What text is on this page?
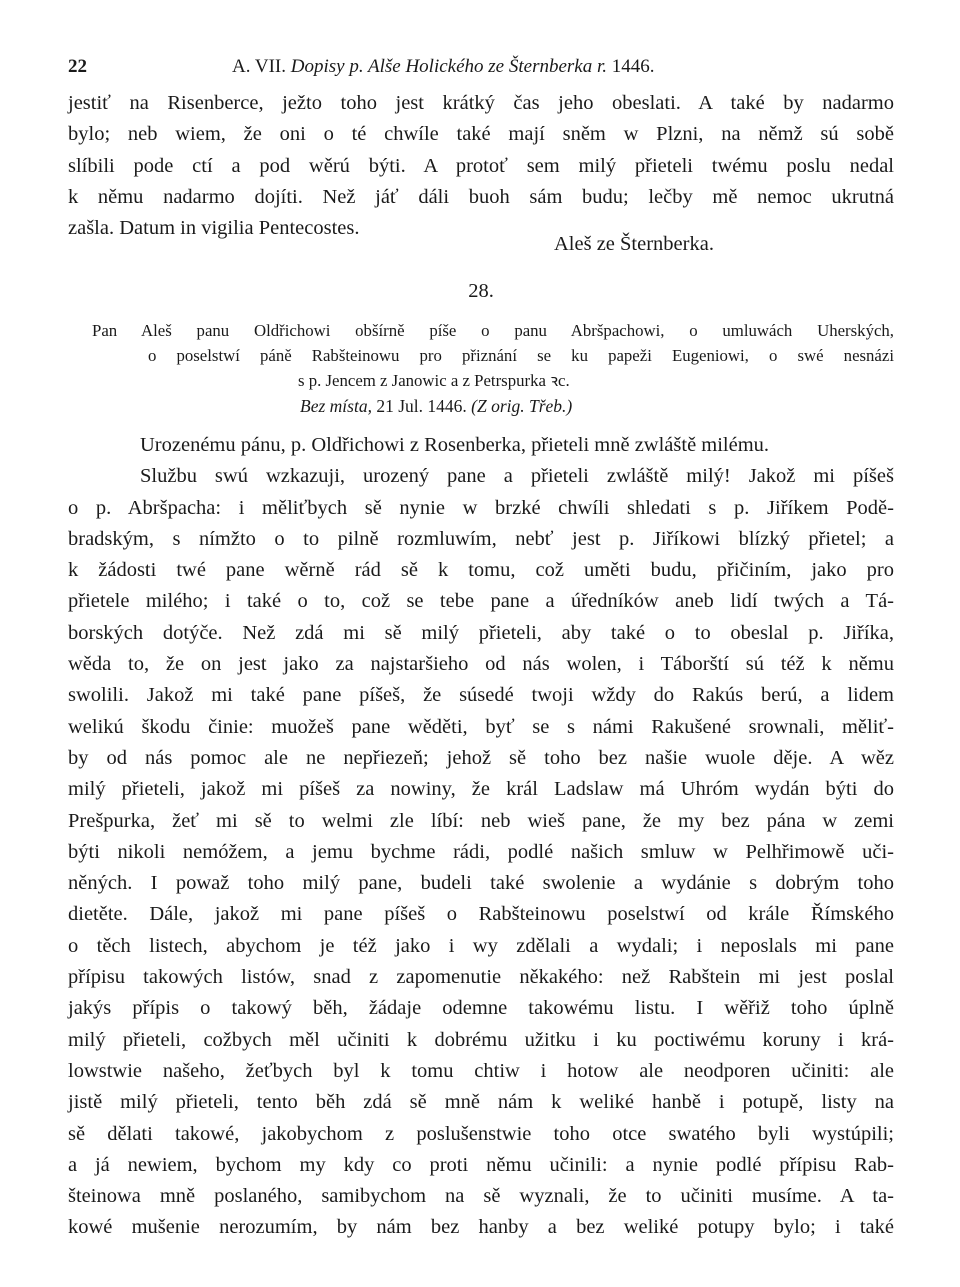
22	A. VII. Dopisy p. Alše Holického ze Šternberka r. 1446.
jestiť na Risenberce, ježto toho jest krátký čas jeho obeslati. A také by nadarmo
bylo; neb wiem, že oni o té chwíle také mají sněm w Plzni, na němž sú sobě
slíbili pode ctí a pod wěrú býti. A protoť sem milý přieteli twému poslu nedal
k němu nadarmo dojíti. Než jáť dáli buoh sám budu; lečby mě nemoc ukrutná
zašla. Datum in vigilia Pentecostes.
Aleš ze Šternberka.
28.
Pan Aleš panu Oldřichowi obšírně píše o panu Abršpachowi, o umluwách Uherských,
o poselstwí páně Rabšteinowu pro přiznání se ku papeži Eugeniowi, o swé nesnázi
s p. Jencem z Janowic a z Petrspurka ꝛc.
Bez místa, 21 Jul. 1446. (Z orig. Třeb.)
Urozenému pánu, p. Oldřichowi z Rosenberka, přieteli mně zwláště milému.
Službu swú wzkazuji, urozený pane a přieteli zwláště milý! Jakož mi píšeš
o p. Abršpacha: i měliťbych sě nynie w brzké chwíli shledati s p. Jiříkem Podě-
bradským, s nímžto o to pilně rozmluwím, nebť jest p. Jiříkowi blízký přietel; a
k žádosti twé pane wěrně rád sě k tomu, což uměti budu, přičiním, jako pro
přietele milého; i také o to, což se tebe pane a úředníków aneb lidí twých a Tá-
borských dotýče. Než zdá mi sě milý přieteli, aby také o to obeslal p. Jiříka,
wěda to, že on jest jako za najstaršieho od nás wolen, i Táborští sú též k němu
swolili. Jakož mi také pane píšeš, že súsedé twoji wždy do Rakús berú, a lidem
welikú škodu činie: muožeš pane wěděti, byť se s námi Rakušené srownali, měliť-
by od nás pomoc ale ne nepřiezeň; jehož sě toho bez našie wuole děje. A wěz
milý přieteli, jakož mi píšeš za nowiny, že král Ladslaw má Uhróm wydán býti do
Prešpurka, žeť mi sě to welmi zle líbí: neb wieš pane, že my bez pána w zemi
býti nikoli nemóžem, a jemu bychme rádi, podlé našich smluw w Pelhřimowě uči-
něných. I powaž toho milý pane, budeli také swolenie a wydánie s dobrým toho
dietěte. Dále, jakož mi pane píšeš o Rabšteinowu poselstwí od krále Římského
o těch listech, abychom je též jako i wy zdělali a wydali; i neposlals mi pane
přípisu takowých listów, snad z zapomenutie někakého: než Rabštein mi jest poslal
jakýs přípis o takowý běh, žádaje odemne takowému listu. I wěřiž toho úplně
milý přieteli, cožbych měl učiniti k dobrému užitku i ku poctiwému koruny i krá-
lowstwie našeho, žeťbych byl k tomu chtiw i hotow ale neodporen učiniti: ale
jistě milý přieteli, tento běh zdá sě mně nám k weliké hanbě i potupě, listy na
sě dělati takowé, jakobychom z poslušenstwie toho otce swatého byli wystúpili;
a já newiem, bychom my kdy co proti němu učinili: a nynie podlé přípisu Rab-
šteinowa mně poslaného, samibychom na sě wyznali, že to učiniti musíme. A ta-
kowé mušenie nerozumím, by nám bez hanby a bez weliké potupy bylo; i také
